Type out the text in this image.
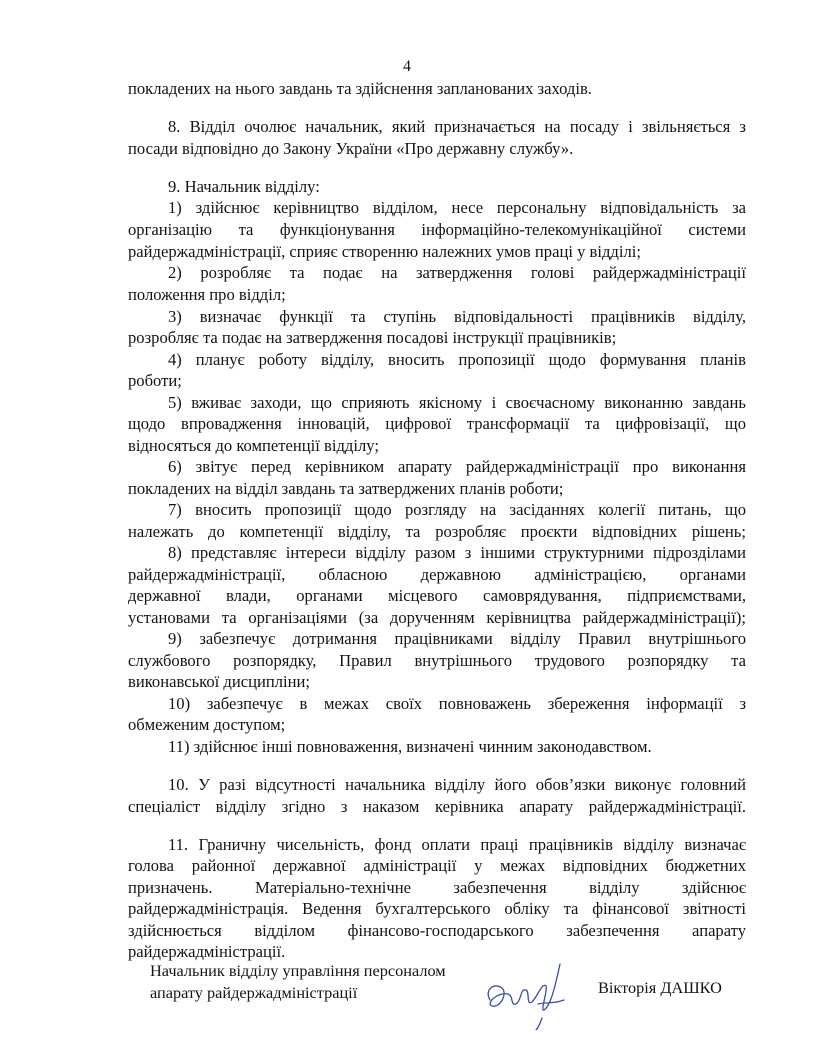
4
покладених на нього завдань та здійснення запланованих заходів.
8. Відділ очолює начальник, який призначається на посаду і звільняється з
посади відповідно до Закону України «Про державну службу».
9. Начальник відділу:
1) здійснює керівництво відділом, несе персональну відповідальність за
організацію та функціонування інформаційно-телекомунікаційної системи
райдержадміністрації, сприяє створенню належних умов праці у відділі;
2) розробляє та подає на затвердження голові райдержадміністрації
положення про відділ;
3) визначає функції та ступінь відповідальності працівників відділу,
розробляє та подає на затвердження посадові інструкції працівників;
4) планує роботу відділу, вносить пропозиції щодо формування планів
роботи;
5) вживає заходи, що сприяють якісному і своєчасному виконанню завдань
щодо впровадження інновацій, цифрової трансформації та цифровізації, що
відносяться до компетенції відділу;
6) звітує перед керівником апарату райдержадміністрації про виконання
покладених на відділ завдань та затверджених планів роботи;
7) вносить пропозиції щодо розгляду на засіданнях колегії питань, що
належать до компетенції відділу, та розробляє проєкти відповідних рішень;
8) представляє інтереси відділу разом з іншими структурними підрозділами
райдержадміністрації, обласною державною адміністрацією, органами
державної влади, органами місцевого самоврядування, підприємствами,
установами та організаціями (за дорученням керівництва райдержадміністрації);
9) забезпечує дотримання працівниками відділу Правил внутрішнього
службового розпорядку, Правил внутрішнього трудового розпорядку та
виконавської дисципліни;
10) забезпечує в межах своїх повноважень збереження інформації з
обмеженим доступом;
11) здійснює інші повноваження, визначені чинним законодавством.
10. У разі відсутності начальника відділу його обов’язки виконує головний
спеціаліст відділу згідно з наказом керівника апарату райдержадміністрації.
11. Граничну чисельність, фонд оплати праці працівників відділу визначає
голова районної державної адміністрації у межах відповідних бюджетних
призначень. Матеріально-технічне забезпечення відділу здійснює
райдержадміністрація. Ведення бухгалтерського обліку та фінансової звітності
здійснюється відділом фінансово-господарського забезпечення апарату
райдержадміністрації.
Начальник відділу управління персоналом
апарату райдержадміністрації	Вікторія ДАШКО
